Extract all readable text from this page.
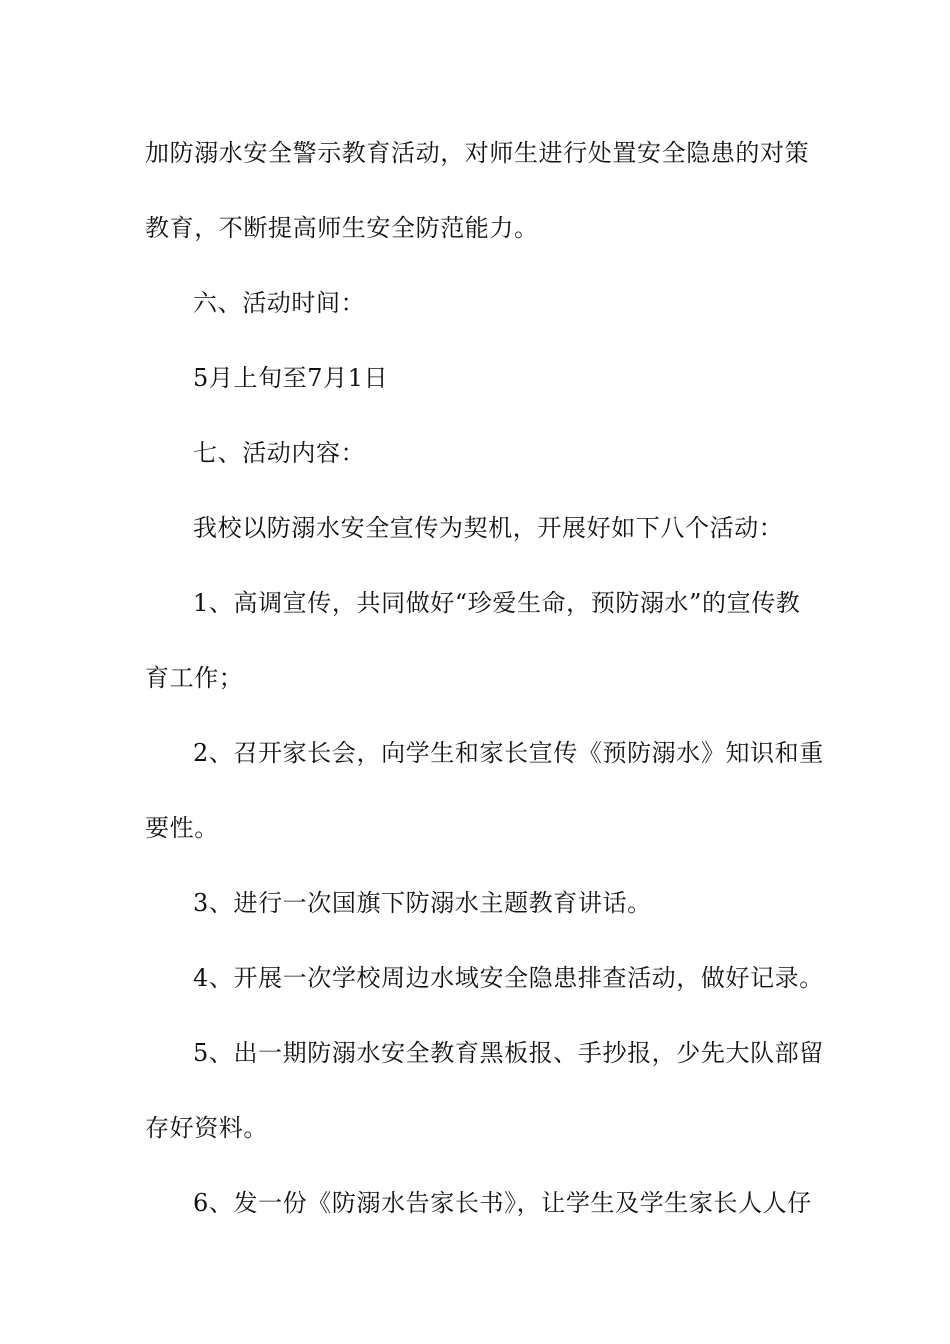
加防溺水安全警示教育活动，对师生进行处置安全隐患的对策
教育，不断提高师生安全防范能力。
六、活动时间：
5月上旬至7月1日
七、活动内容：
我校以防溺水安全宣传为契机，开展好如下八个活动：
1、高调宣传，共同做好“珍爱生命，预防溺水”的宣传教
育工作；
2、召开家长会，向学生和家长宣传《预防溺水》知识和重
要性。
3、进行一次国旗下防溺水主题教育讲话。
4、开展一次学校周边水域安全隐患排查活动，做好记录。
5、出一期防溺水安全教育黑板报、手抄报，少先大队部留
存好资料。
6、发一份《防溺水告家长书》，让学生及学生家长人人仔
